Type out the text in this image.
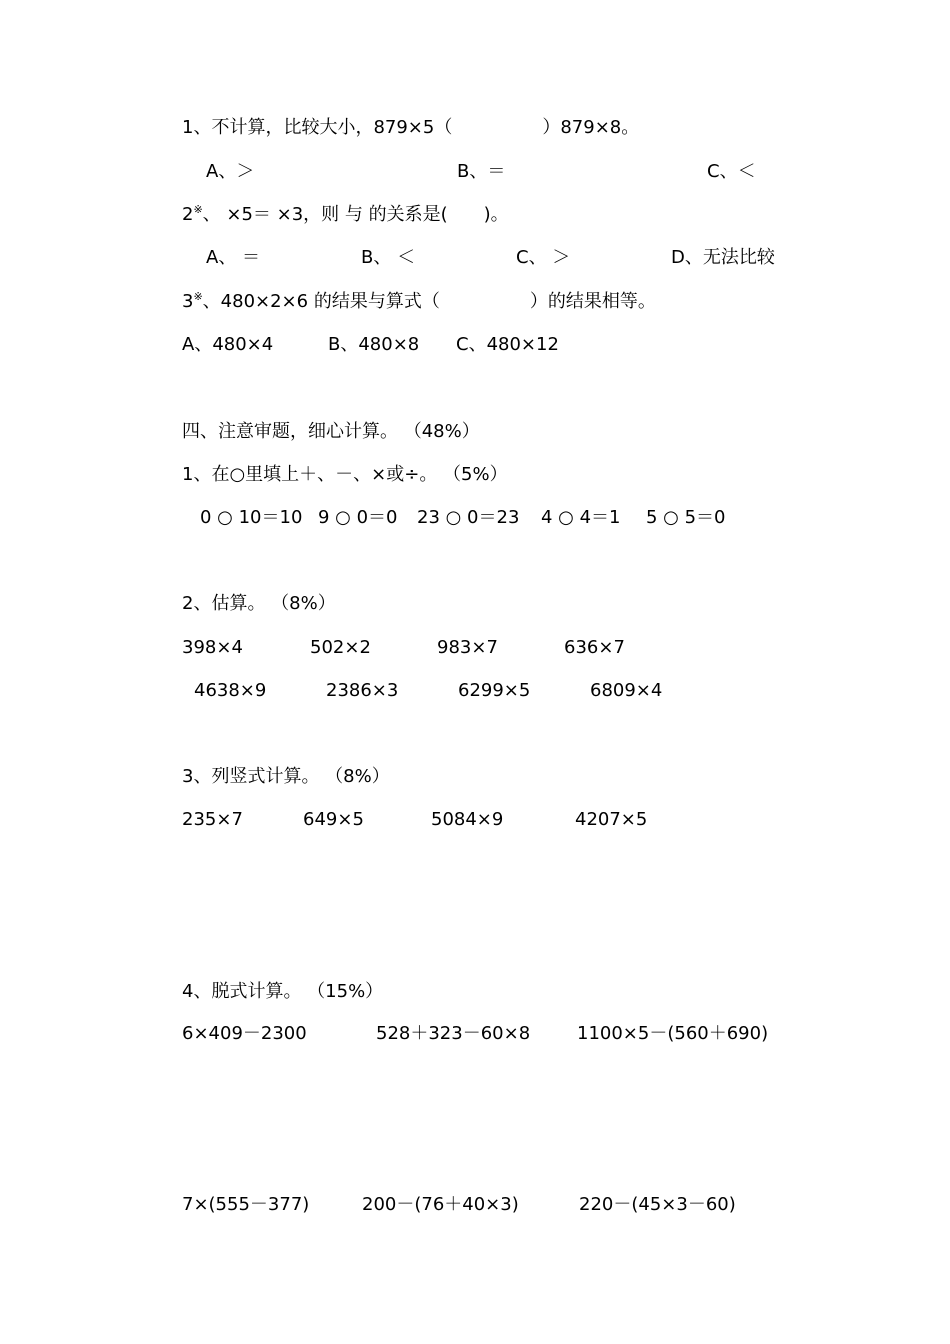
1、不计算，比较大小，879×5（　　　　　）879×8。
A、＞	B、＝	C、＜
2※、 ×5＝ ×3，则 与 的关系是(　　)。
A、 ＝	B、 ＜	C、 ＞	D、无法比较
3※、480×2×6 的结果与算式（　　　　　）的结果相等。
A、480×4	B、480×8 C、480×12
四、注意审题，细心计算。 （48%）
1、在○里填上＋、－、×或÷。 （5%）
0 ○ 10＝10 9 ○ 0＝0 23 ○ 0＝23 4 ○ 4＝1 5 ○ 5＝0
2、估算。 （8%）
398×4	502×2	983×7	636×7
4638×9	2386×3	6299×5	6809×4
3、列竖式计算。 （8%）
235×7	649×5	5084×9	4207×5
4、脱式计算。 （15%）
6×409－2300	528＋323－60×8	1100×5－(560＋690)
7×(555－377)	200－(76＋40×3)	220－(45×3－60)
